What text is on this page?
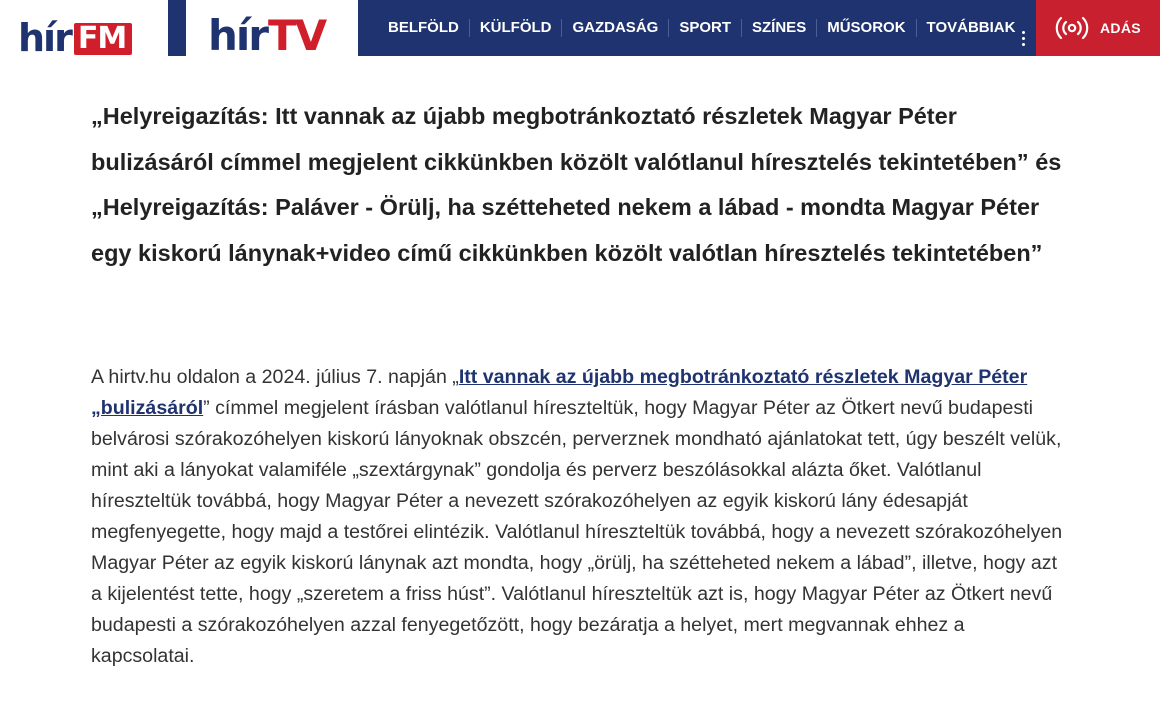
hír FM hír TV	BELFÖLD	KÜLFÖLD	GAZDASÁG	SPORT	SZÍNES	MŰSOROK	TOVÁBBIAK	ADÁS
„Helyreigazítás: Itt vannak az újabb megbotránkoztató részletek Magyar Péter bulizásáról címmel megjelent cikkünkben közölt valótlanul híresztelés tekintetében” és „Helyreigazítás: Paláver - Örülj, ha szétteheted nekem a lábad - mondta Magyar Péter egy kiskorú lánynak+video című cikkünkben közölt valótlan híresztelés tekintetében”

A hirtv.hu oldalon a 2024. július 7. napján „Itt vannak az újabb megbotránkoztató részletek Magyar Péter „bulizásáról” címmel megjelent írásban valótlanul híreszteltük, hogy Magyar Péter az Ötkert nevű budapesti belvárosi szórakozóhelyen kiskorú lányoknak obszcén, perverznek mondható ajánlatokat tett, úgy beszélt velük, mint aki a lányokat valamiféle „szextárgynak” gondolja és perverz beszólásokkal alázta őket. Valótlanul híreszteltük továbbá, hogy Magyar Péter a nevezett szórakozóhelyen az egyik kiskorú lány édesapját megfenyegette, hogy majd a testőrei elintézik. Valótlanul híreszteltük továbbá, hogy a nevezett szórakozóhelyen Magyar Péter az egyik kiskorú lánynak azt mondta, hogy „örülj, ha szétteheted nekem a lábad”, illetve, hogy azt a kijelentést tette, hogy „szeretem a friss húst”. Valótlanul híreszteltük azt is, hogy Magyar Péter az Ötkert nevű budapesti a szórakozóhelyen azzal fenyegetőzött, hogy bezáratja a helyet, mert megvannak ehhez a kapcsolatai.
